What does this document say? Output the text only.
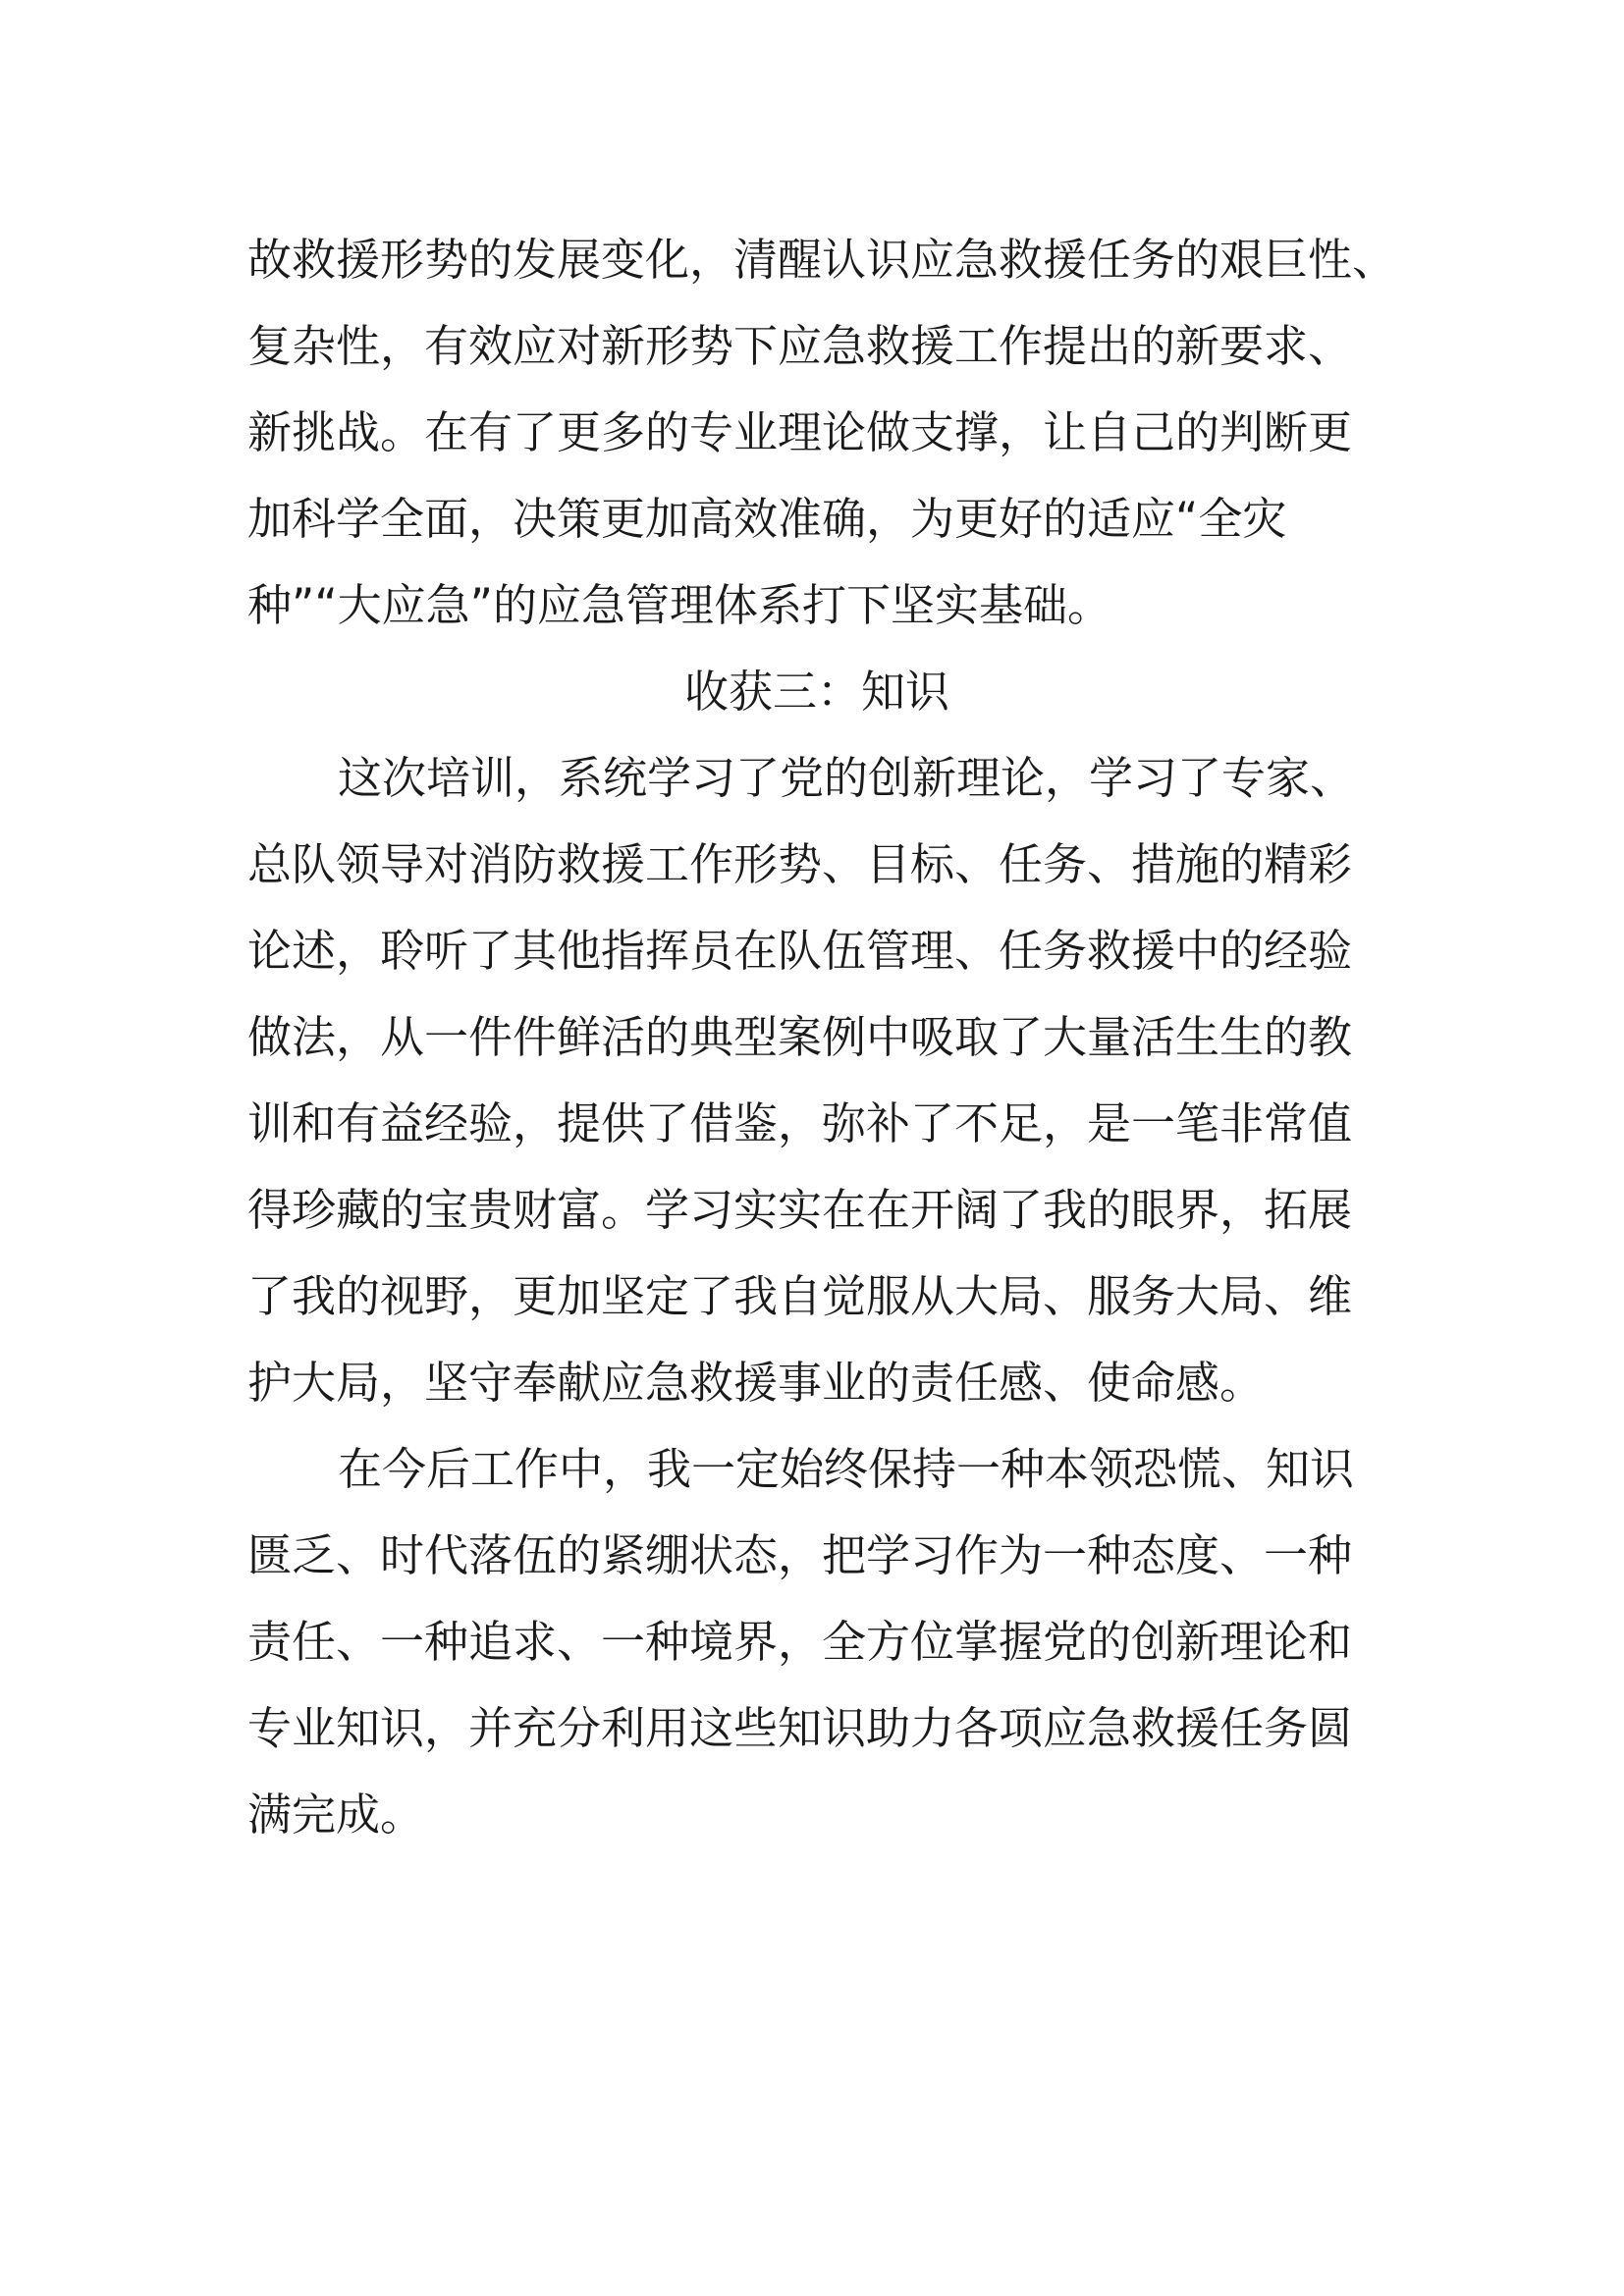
故救援形势的发展变化，清醒认识应急救援任务的艰巨性、
复杂性，有效应对新形势下应急救援工作提出的新要求、
新挑战。在有了更多的专业理论做支撑，让自己的判断更
加科学全面，决策更加高效准确，为更好的适应“全灾
种”“大应急”的应急管理体系打下坚实基础。
收获三：知识
这次培训，系统学习了党的创新理论，学习了专家、
总队领导对消防救援工作形势、目标、任务、措施的精彩
论述，聆听了其他指挥员在队伍管理、任务救援中的经验
做法，从一件件鲜活的典型案例中吸取了大量活生生的教
训和有益经验，提供了借鉴，弥补了不足，是一笔非常值
得珍藏的宝贵财富。学习实实在在开阔了我的眼界，拓展
了我的视野，更加坚定了我自觉服从大局、服务大局、维
护大局，坚守奉献应急救援事业的责任感、使命感。
在今后工作中，我一定始终保持一种本领恐慌、知识
匮乏、时代落伍的紧绷状态，把学习作为一种态度、一种
责任、一种追求、一种境界，全方位掌握党的创新理论和
专业知识，并充分利用这些知识助力各项应急救援任务圆
满完成。
